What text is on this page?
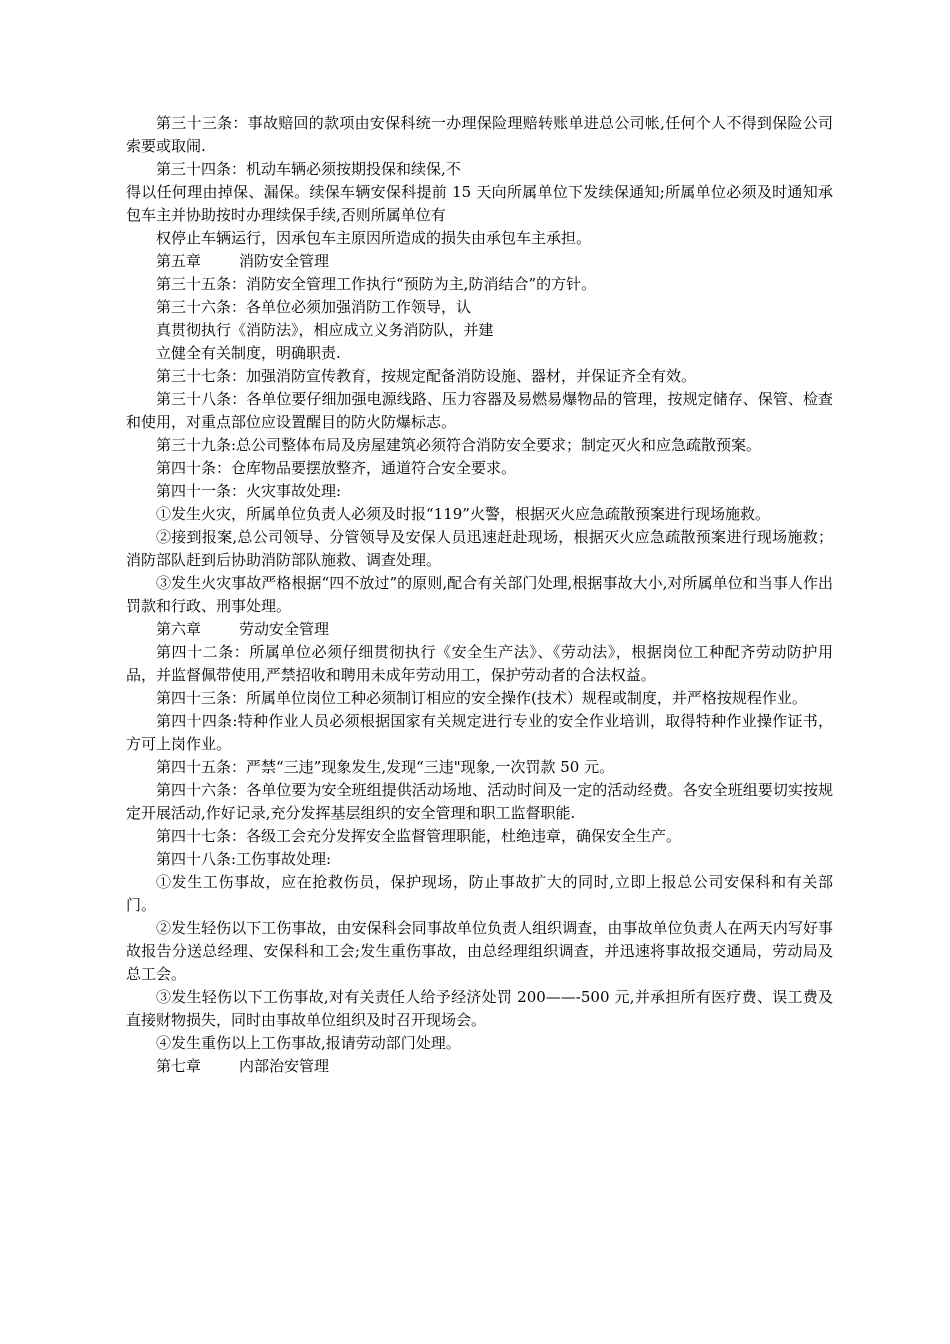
第三十三条：事故赔回的款项由安保科统一办理保险理赔转账单进总公司帐,任何个人不得到保险公司索要或取闹.

第三十四条：机动车辆必须按期投保和续保,不

得以任何理由掉保、漏保。续保车辆安保科提前 15 天向所属单位下发续保通知;所属单位必须及时通知承包车主并协助按时办理续保手续,否则所属单位有

权停止车辆运行，因承包车主原因所造成的损失由承包车主承担。

第五章	消防安全管理

第三十五条：消防安全管理工作执行“预防为主,防消结合”的方针。

第三十六条：各单位必须加强消防工作领导，认

真贯彻执行《消防法》，相应成立义务消防队，并建

立健全有关制度，明确职责.

第三十七条：加强消防宣传教育，按规定配备消防设施、器材，并保证齐全有效。

第三十八条：各单位要仔细加强电源线路、压力容器及易燃易爆物品的管理，按规定储存、保管、检查和使用，对重点部位应设置醒目的防火防爆标志。

第三十九条:总公司整体布局及房屋建筑必须符合消防安全要求；制定灭火和应急疏散预案。

第四十条：仓库物品要摆放整齐，通道符合安全要求。

第四十一条：火灾事故处理:

①发生火灾，所属单位负责人必须及时报“119”火警，根据灭火应急疏散预案进行现场施救。

②接到报案,总公司领导、分管领导及安保人员迅速赶赴现场，根据灭火应急疏散预案进行现场施救；消防部队赶到后协助消防部队施救、调查处理。

③发生火灾事故严格根据“四不放过”的原则,配合有关部门处理,根据事故大小,对所属单位和当事人作出罚款和行政、刑事处理。

第六章	劳动安全管理

第四十二条：所属单位必须仔细贯彻执行《安全生产法》、《劳动法》，根据岗位工种配齐劳动防护用品，并监督佩带使用,严禁招收和聘用未成年劳动用工，保护劳动者的合法权益。

第四十三条：所属单位岗位工种必须制订相应的安全操作(技术）规程或制度，并严格按规程作业。

第四十四条:特种作业人员必须根据国家有关规定进行专业的安全作业培训，取得特种作业操作证书，方可上岗作业。

第四十五条：严禁“三违”现象发生,发现“三违"现象,一次罚款 50 元。

第四十六条：各单位要为安全班组提供活动场地、活动时间及一定的活动经费。各安全班组要切实按规定开展活动,作好记录,充分发挥基层组织的安全管理和职工监督职能.

第四十七条：各级工会充分发挥安全监督管理职能，杜绝违章，确保安全生产。

第四十八条:工伤事故处理:

①发生工伤事故，应在抢救伤员，保护现场，防止事故扩大的同时,立即上报总公司安保科和有关部门。

②发生轻伤以下工伤事故，由安保科会同事故单位负责人组织调查，由事故单位负责人在两天内写好事故报告分送总经理、安保科和工会;发生重伤事故，由总经理组织调查，并迅速将事故报交通局，劳动局及总工会。

③发生轻伤以下工伤事故,对有关责任人给予经济处罚 200——-500 元,并承担所有医疗费、误工费及直接财物损失，同时由事故单位组织及时召开现场会。

④发生重伤以上工伤事故,报请劳动部门处理。

第七章	内部治安管理
